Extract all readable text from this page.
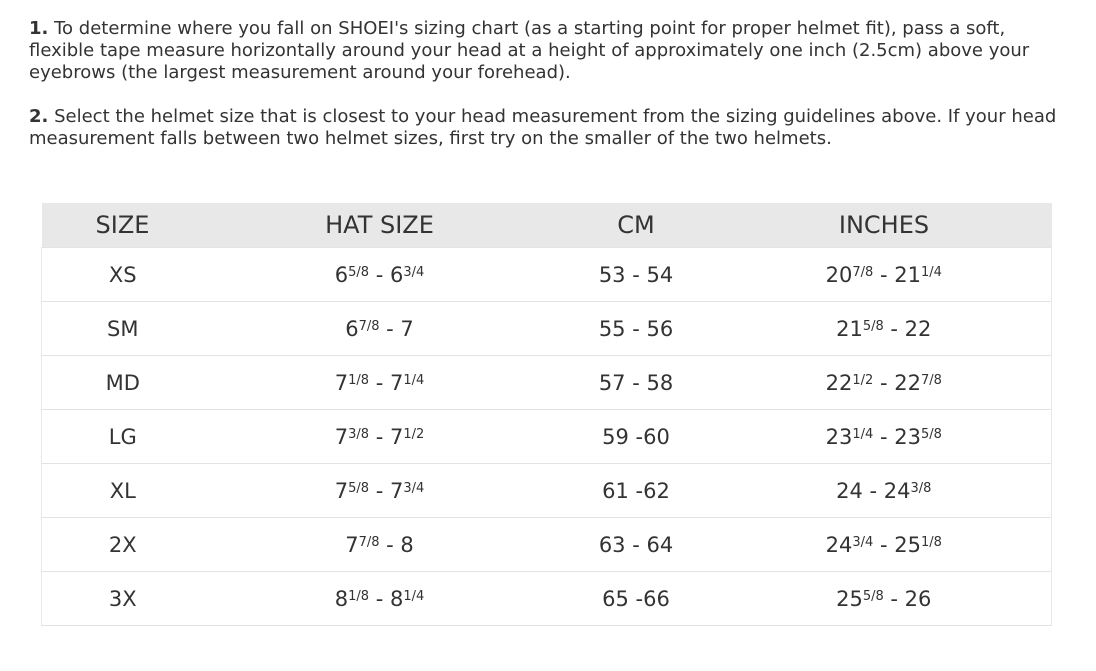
1. To determine where you fall on SHOEI's sizing chart (as a starting point for proper helmet fit), pass a soft, flexible tape measure horizontally around your head at a height of approximately one inch (2.5cm) above your eyebrows (the largest measurement around your forehead).

2. Select the helmet size that is closest to your head measurement from the sizing guidelines above. If your head measurement falls between two helmet sizes, first try on the smaller of the two helmets.

SIZE	HAT SIZE	CM	INCHES
XS	$6^{5/8} - 6^{3/4}$	53 - 54	$20^{7/8} - 21^{1/4}$
SM	$6^{7/8} - 7$	55 - 56	$21^{5/8} - 22$
MD	$7^{1/8} - 7^{1/4}$	57 - 58	$22^{1/2} - 22^{7/8}$
LG	$7^{3/8} - 7^{1/2}$	59 -60	$23^{1/4} - 23^{5/8}$
XL	$7^{5/8} - 7^{3/4}$	61 -62	$24 - 24^{3/8}$
2X	$7^{7/8} - 8$	63 - 64	$24^{3/4} - 25^{1/8}$
3X	$8^{1/8} - 8^{1/4}$	65 -66	$25^{5/8} - 26$
